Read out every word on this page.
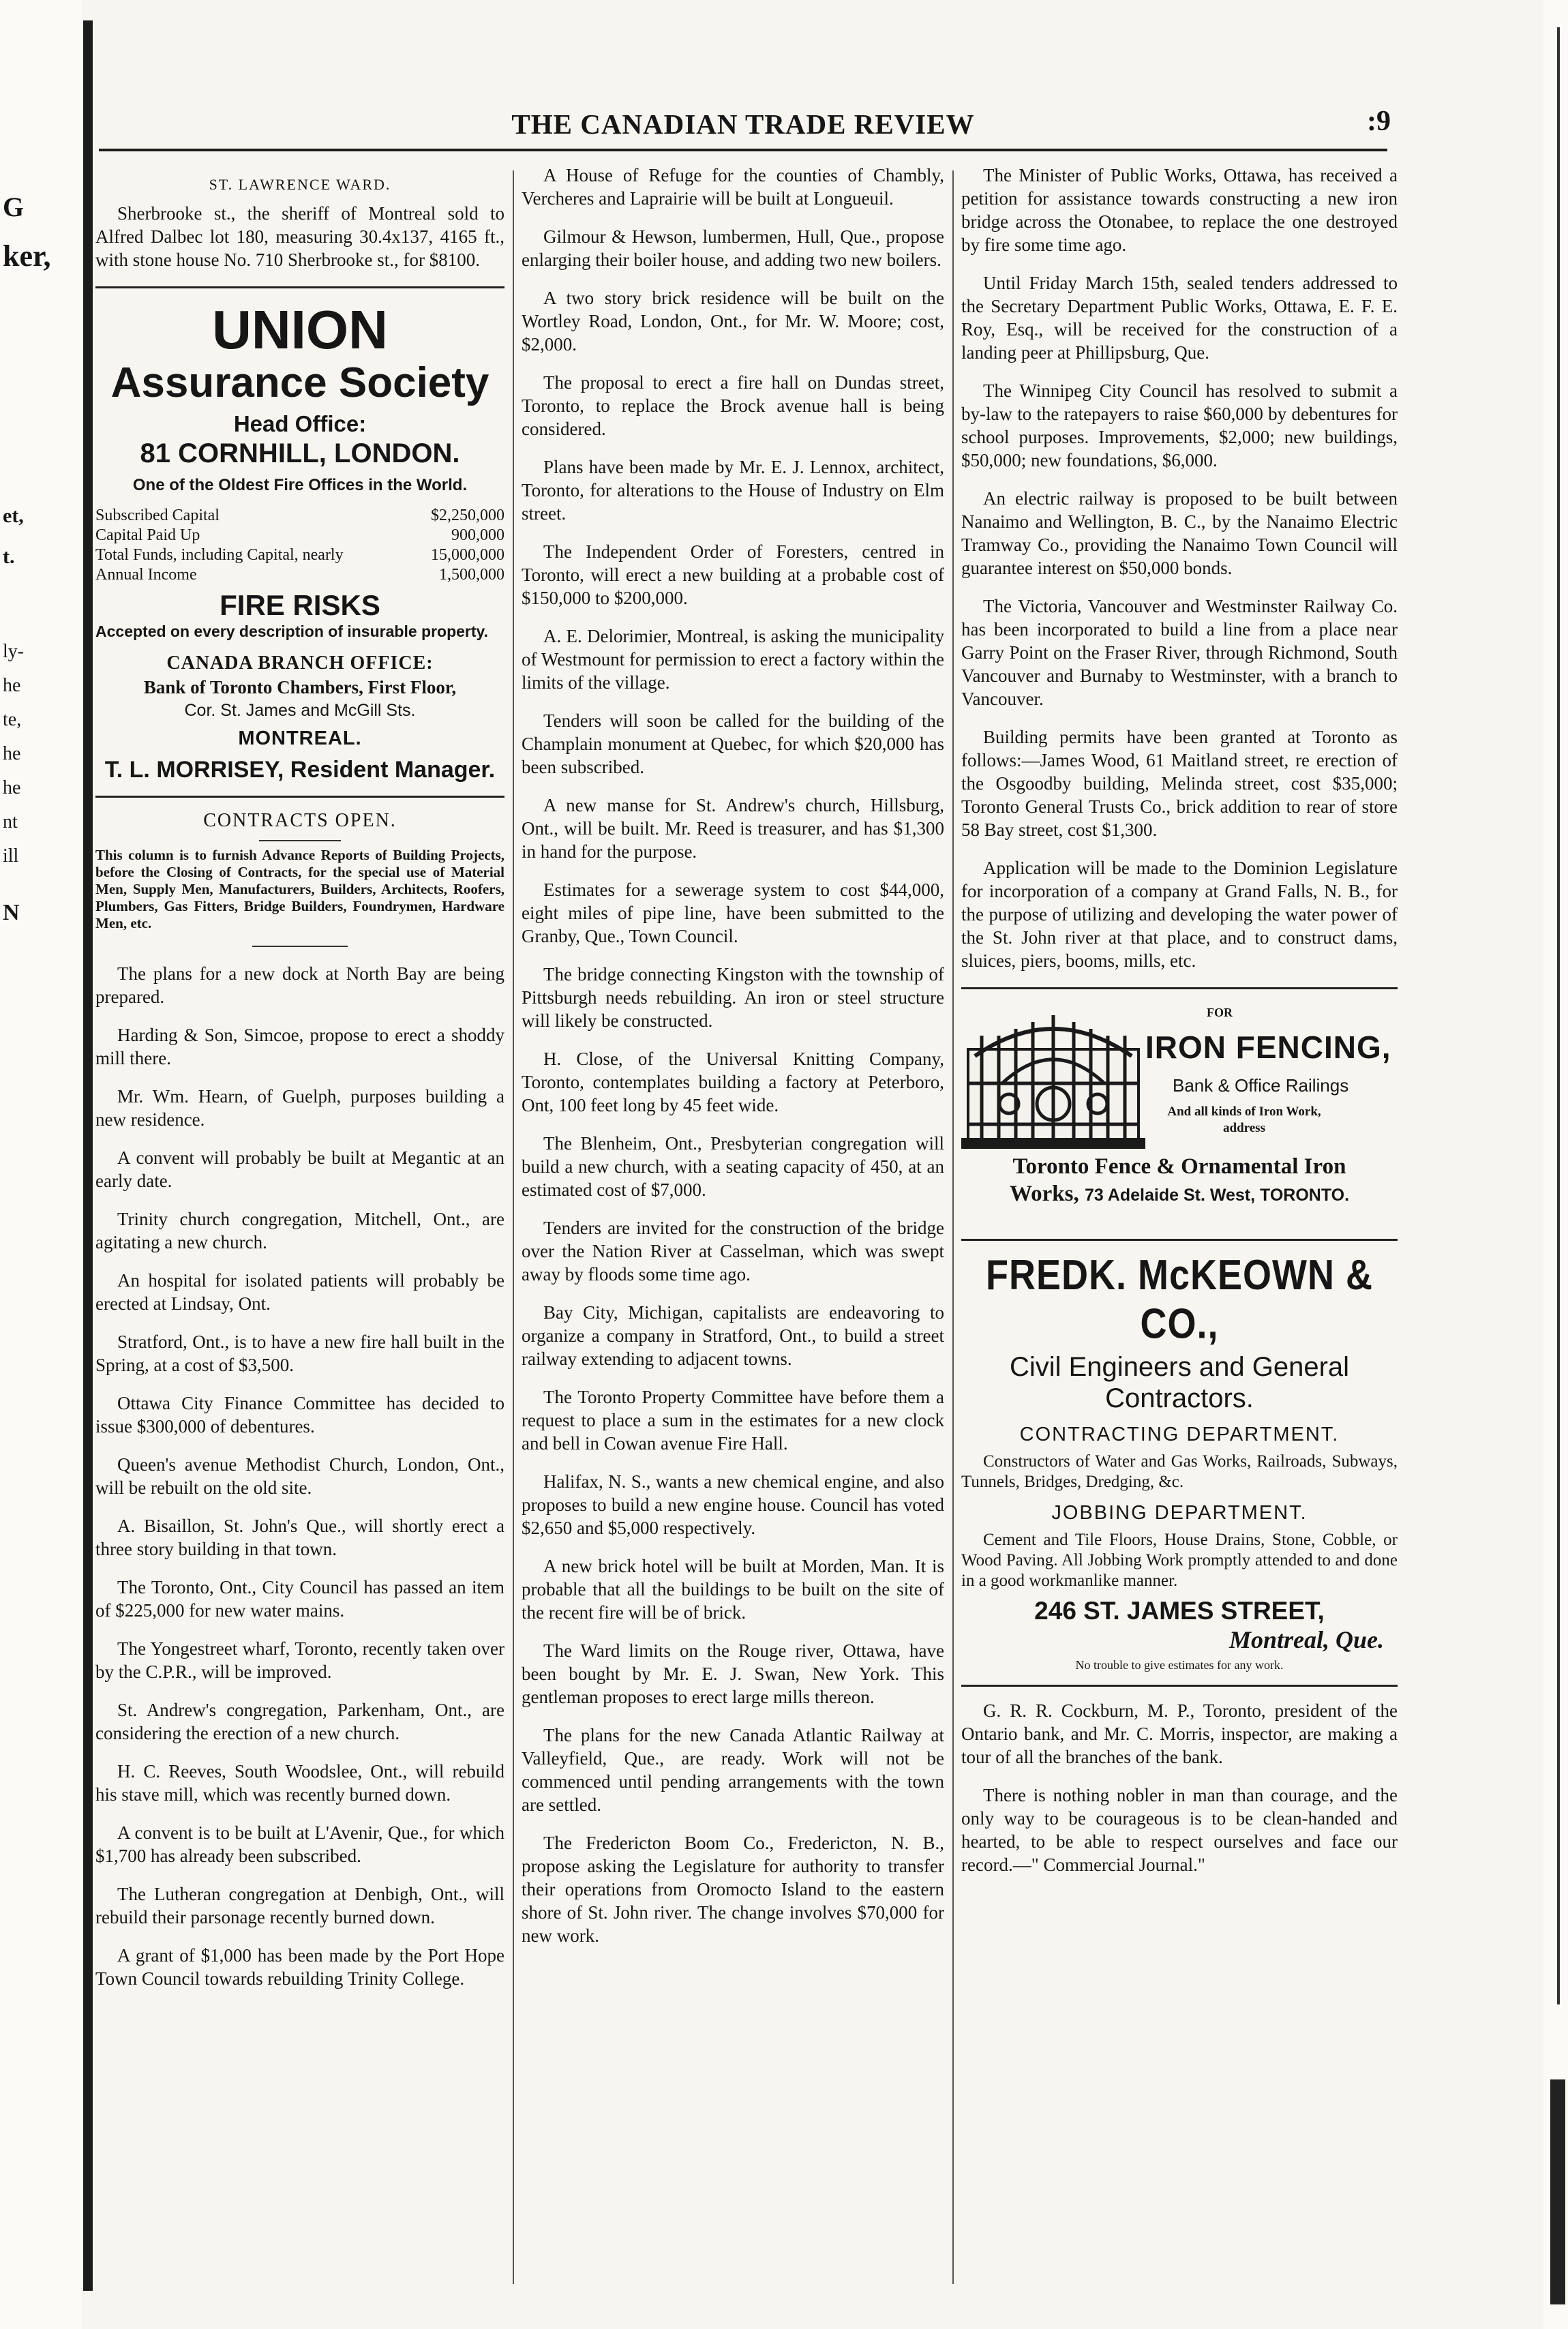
G
ker,
et,
t.
ly-
he
te,
he
he
nt
ill
N
THE CANADIAN TRADE REVIEW	:9
ST. LAWRENCE WARD.

Sherbrooke st., the sheriff of Montreal sold to Alfred Dalbec lot 180, measuring 30.4x137, 4165 ft., with stone house No. 710 Sherbrooke st., for $8100.

UNION
Assurance Society
Head Office:
81 CORNHILL, LONDON.
One of the Oldest Fire Offices in the World.
Subscribed Capital	$2,250,000
Capital Paid Up	900,000
Total Funds, including Capital, nearly	15,000,000
Annual Income	1,500,000
FIRE RISKS
Accepted on every description of insurable property.
CANADA BRANCH OFFICE:
Bank of Toronto Chambers, First Floor,
Cor. St. James and McGill Sts.
MONTREAL.
T. L. MORRISEY, Resident Manager.
CONTRACTS OPEN.
This column is to furnish Advance Reports of Building Projects, before the Closing of Contracts, for the special use of Material Men, Supply Men, Manufacturers, Builders, Architects, Roofers, Plumbers, Gas Fitters, Bridge Builders, Foundrymen, Hardware Men, etc.

The plans for a new dock at North Bay are being prepared.

Harding & Son, Simcoe, propose to erect a shoddy mill there.

Mr. Wm. Hearn, of Guelph, purposes building a new residence.

A convent will probably be built at Megantic at an early date.

Trinity church congregation, Mitchell, Ont., are agitating a new church.

An hospital for isolated patients will probably be erected at Lindsay, Ont.

Stratford, Ont., is to have a new fire hall built in the Spring, at a cost of $3,500.

Ottawa City Finance Committee has decided to issue $300,000 of debentures.

Queen's avenue Methodist Church, London, Ont., will be rebuilt on the old site.

A. Bisaillon, St. John's Que., will shortly erect a three story building in that town.

The Toronto, Ont., City Council has passed an item of $225,000 for new water mains.

The Yongestreet wharf, Toronto, recently taken over by the C.P.R., will be improved.

St. Andrew's congregation, Parkenham, Ont., are considering the erection of a new church.

H. C. Reeves, South Woodslee, Ont., will rebuild his stave mill, which was recently burned down.

A convent is to be built at L'Avenir, Que., for which $1,700 has already been subscribed.

The Lutheran congregation at Denbigh, Ont., will rebuild their parsonage recently burned down.

A grant of $1,000 has been made by the Port Hope Town Council towards rebuilding Trinity College.

A House of Refuge for the counties of Chambly, Vercheres and Laprairie will be built at Longueuil.

Gilmour & Hewson, lumbermen, Hull, Que., propose enlarging their boiler house, and adding two new boilers.

A two story brick residence will be built on the Wortley Road, London, Ont., for Mr. W. Moore; cost, $2,000.

The proposal to erect a fire hall on Dundas street, Toronto, to replace the Brock avenue hall is being considered.

Plans have been made by Mr. E. J. Lennox, architect, Toronto, for alterations to the House of Industry on Elm street.

The Independent Order of Foresters, centred in Toronto, will erect a new building at a probable cost of $150,000 to $200,000.

A. E. Delorimier, Montreal, is asking the municipality of Westmount for permission to erect a factory within the limits of the village.

Tenders will soon be called for the building of the Champlain monument at Quebec, for which $20,000 has been subscribed.

A new manse for St. Andrew's church, Hillsburg, Ont., will be built. Mr. Reed is treasurer, and has $1,300 in hand for the purpose.

Estimates for a sewerage system to cost $44,000, eight miles of pipe line, have been submitted to the Granby, Que., Town Council.

The bridge connecting Kingston with the township of Pittsburgh needs rebuilding. An iron or steel structure will likely be constructed.

H. Close, of the Universal Knitting Company, Toronto, contemplates building a factory at Peterboro, Ont, 100 feet long by 45 feet wide.

The Blenheim, Ont., Presbyterian congregation will build a new church, with a seating capacity of 450, at an estimated cost of $7,000.

Tenders are invited for the construction of the bridge over the Nation River at Casselman, which was swept away by floods some time ago.

Bay City, Michigan, capitalists are endeavoring to organize a company in Stratford, Ont., to build a street railway extending to adjacent towns.

The Toronto Property Committee have before them a request to place a sum in the estimates for a new clock and bell in Cowan avenue Fire Hall.

Halifax, N. S., wants a new chemical engine, and also proposes to build a new engine house. Council has voted $2,650 and $5,000 respectively.

A new brick hotel will be built at Morden, Man. It is probable that all the buildings to be built on the site of the recent fire will be of brick.

The Ward limits on the Rouge river, Ottawa, have been bought by Mr. E. J. Swan, New York. This gentleman proposes to erect large mills thereon.

The plans for the new Canada Atlantic Railway at Valleyfield, Que., are ready. Work will not be commenced until pending arrangements with the town are settled.

The Fredericton Boom Co., Fredericton, N. B., propose asking the Legislature for authority to transfer their operations from Oromocto Island to the eastern shore of St. John river. The change involves $70,000 for new work.

The Minister of Public Works, Ottawa, has received a petition for assistance towards constructing a new iron bridge across the Otonabee, to replace the one destroyed by fire some time ago.

Until Friday March 15th, sealed tenders addressed to the Secretary Department Public Works, Ottawa, E. F. E. Roy, Esq., will be received for the construction of a landing peer at Phillipsburg, Que.

The Winnipeg City Council has resolved to submit a by-law to the ratepayers to raise $60,000 by debentures for school purposes. Improvements, $2,000; new buildings, $50,000; new foundations, $6,000.

An electric railway is proposed to be built between Nanaimo and Wellington, B. C., by the Nanaimo Electric Tramway Co., providing the Nanaimo Town Council will guarantee interest on $50,000 bonds.

The Victoria, Vancouver and Westminster Railway Co. has been incorporated to build a line from a place near Garry Point on the Fraser River, through Richmond, South Vancouver and Burnaby to Westminster, with a branch to Vancouver.

Building permits have been granted at Toronto as follows:—James Wood, 61 Maitland street, re erection of the Osgoodby building, Melinda street, cost $35,000; Toronto General Trusts Co., brick addition to rear of store 58 Bay street, cost $1,300.

Application will be made to the Dominion Legislature for incorporation of a company at Grand Falls, N. B., for the purpose of utilizing and developing the water power of the St. John river at that place, and to construct dams, sluices, piers, booms, mills, etc.

FOR
IRON FENCING,
Bank & Office Railings
And all kinds of Iron Work, address
Toronto Fence & Ornamental Iron
Works, 73 Adelaide St. West, TORONTO.
FREDK. McKEOWN & CO.,
Civil Engineers and General Contractors.
CONTRACTING DEPARTMENT.
Constructors of Water and Gas Works, Railroads, Subways, Tunnels, Bridges, Dredging, &c.
JOBBING DEPARTMENT.
Cement and Tile Floors, House Drains, Stone, Cobble, or Wood Paving. All Jobbing Work promptly attended to and done in a good workmanlike manner.
246 ST. JAMES STREET,
Montreal, Que.
No trouble to give estimates for any work.

G. R. R. Cockburn, M. P., Toronto, president of the Ontario bank, and Mr. C. Morris, inspector, are making a tour of all the branches of the bank.

There is nothing nobler in man than courage, and the only way to be courageous is to be clean-handed and hearted, to be able to respect ourselves and face our record.—" Commercial Journal."
